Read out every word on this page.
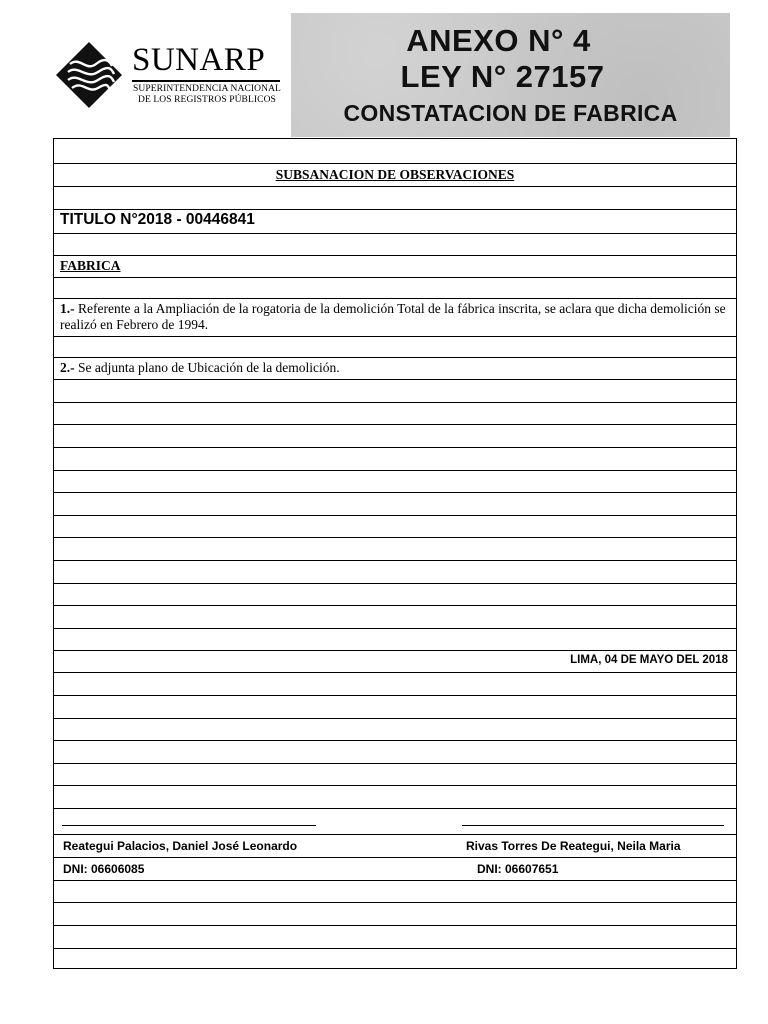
SUNARP
SUPERINTENDENCIA NACIONAL
DE LOS REGISTROS PÚBLICOS
ANEXO N° 4
LEY N° 27157
CONSTATACION DE FABRICA
SUBSANACION DE OBSERVACIONES
TITULO N°2018 - 00446841
FABRICA
1.- Referente a la Ampliación de la rogatoria de la demolición Total de la fábrica inscrita, se aclara que dicha demolición se realizó en Febrero de 1994.
2.- Se adjunta plano de Ubicación de la demolición.
LIMA, 04 DE MAYO DEL 2018
Reategui Palacios, Daniel José Leonardo	Rivas Torres De Reategui, Neila Maria
DNI: 06606085	DNI: 06607651
